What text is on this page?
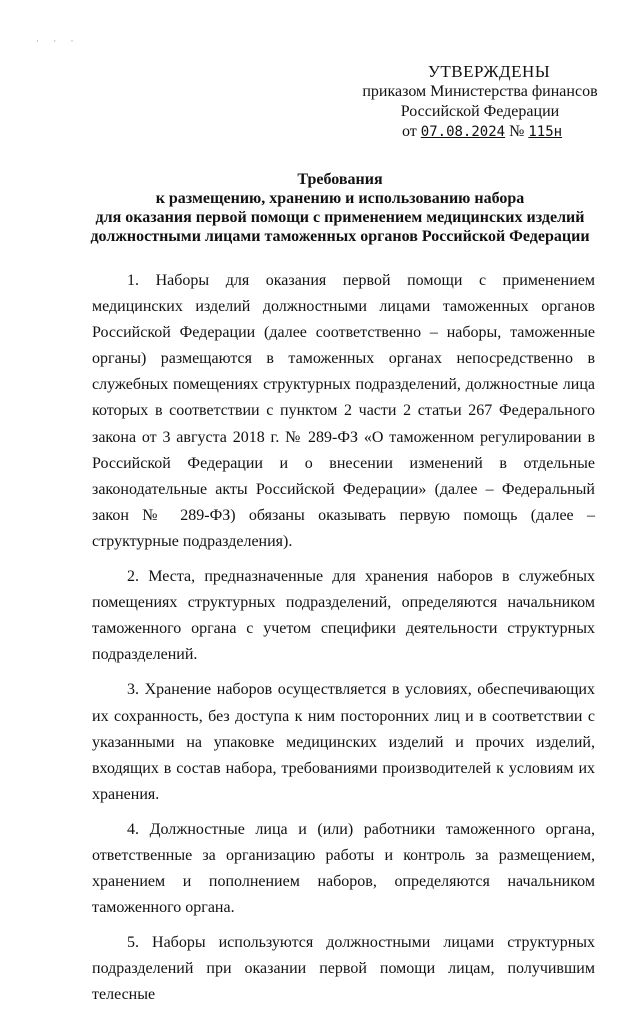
· · ·
УТВЕРЖДЕНЫ
приказом Министерства финансов
Российской Федерации
от 07.08.2024 № 115н
Требования
к размещению, хранению и использованию набора
для оказания первой помощи с применением медицинских изделий
должностными лицами таможенных органов Российской Федерации

1. Наборы для оказания первой помощи с применением медицинских изделий должностными лицами таможенных органов Российской Федерации (далее соответственно – наборы, таможенные органы) размещаются в таможенных органах непосредственно в служебных помещениях структурных подразделений, должностные лица которых в соответствии с пунктом 2 части 2 статьи 267 Федерального закона от 3 августа 2018 г. № 289-ФЗ «О таможенном регулировании в Российской Федерации и о внесении изменений в отдельные законодательные акты Российской Федерации» (далее – Федеральный закон № 289-ФЗ) обязаны оказывать первую помощь (далее – структурные подразделения).

2. Места, предназначенные для хранения наборов в служебных помещениях структурных подразделений, определяются начальником таможенного органа с учетом специфики деятельности структурных подразделений.

3. Хранение наборов осуществляется в условиях, обеспечивающих их сохранность, без доступа к ним посторонних лиц и в соответствии с указанными на упаковке медицинских изделий и прочих изделий, входящих в состав набора, требованиями производителей к условиям их хранения.

4. Должностные лица и (или) работники таможенного органа, ответственные за организацию работы и контроль за размещением, хранением и пополнением наборов, определяются начальником таможенного органа.

5. Наборы используются должностными лицами структурных подразделений при оказании первой помощи лицам, получившим телесные
